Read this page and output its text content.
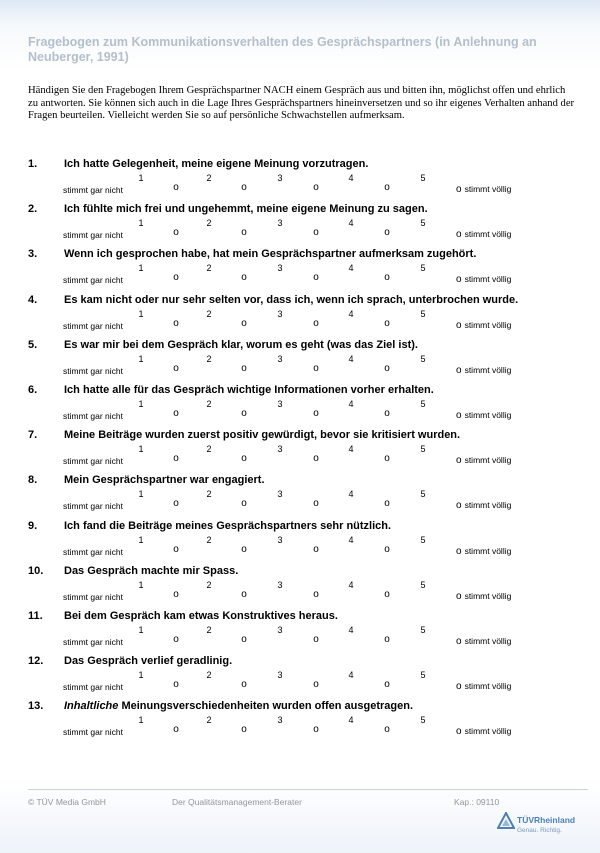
Fragebogen zum Kommunikationsverhalten des Gesprächspartners (in Anlehnung an Neuberger, 1991)
Händigen Sie den Fragebogen Ihrem Gesprächspartner NACH einem Gespräch aus und bitten ihn, möglichst offen und ehrlich zu antworten. Sie können sich auch in die Lage Ihres Gesprächspartners hineinversetzen und so ihr eigenes Verhalten anhand der Fragen beurteilen. Vielleicht werden Sie so auf persönliche Schwachstellen aufmerksam.
1. Ich hatte Gelegenheit, meine eigene Meinung vorzutragen.
1	2	3	4	5
stimmt gar nicht	o	o	o	o	o stimmt völlig
2. Ich fühlte mich frei und ungehemmt, meine eigene Meinung zu sagen.
1	2	3	4	5
stimmt gar nicht	o	o	o	o	o stimmt völlig
3. Wenn ich gesprochen habe, hat mein Gesprächspartner aufmerksam zugehört.
1	2	3	4	5
stimmt gar nicht	o	o	o	o	o stimmt völlig
4. Es kam nicht oder nur sehr selten vor, dass ich, wenn ich sprach, unterbrochen wurde.
1	2	3	4	5
stimmt gar nicht	o	o	o	o	o stimmt völlig
5. Es war mir bei dem Gespräch klar, worum es geht (was das Ziel ist).
1	2	3	4	5
stimmt gar nicht	o	o	o	o	o stimmt völlig
6. Ich hatte alle für das Gespräch wichtige Informationen vorher erhalten.
1	2	3	4	5
stimmt gar nicht	o	o	o	o	o stimmt völlig
7. Meine Beiträge wurden zuerst positiv gewürdigt, bevor sie kritisiert wurden.
1	2	3	4	5
stimmt gar nicht	o	o	o	o	o stimmt völlig
8. Mein Gesprächspartner war engagiert.
1	2	3	4	5
stimmt gar nicht	o	o	o	o	o stimmt völlig
9. Ich fand die Beiträge meines Gesprächspartners sehr nützlich.
1	2	3	4	5
stimmt gar nicht	o	o	o	o	o stimmt völlig
10. Das Gespräch machte mir Spass.
1	2	3	4	5
stimmt gar nicht	o	o	o	o	o stimmt völlig
11. Bei dem Gespräch kam etwas Konstruktives heraus.
1	2	3	4	5
stimmt gar nicht	o	o	o	o	o stimmt völlig
12. Das Gespräch verlief geradlinig.
1	2	3	4	5
stimmt gar nicht	o	o	o	o	o stimmt völlig
13. Inhaltliche Meinungsverschiedenheiten wurden offen ausgetragen.
1	2	3	4	5
stimmt gar nicht	o	o	o	o	o stimmt völlig
© TÜV Media GmbH	Der Qualitätsmanagement-Berater	Kap.: 09110
TÜVRheinland
Genau. Richtig.
